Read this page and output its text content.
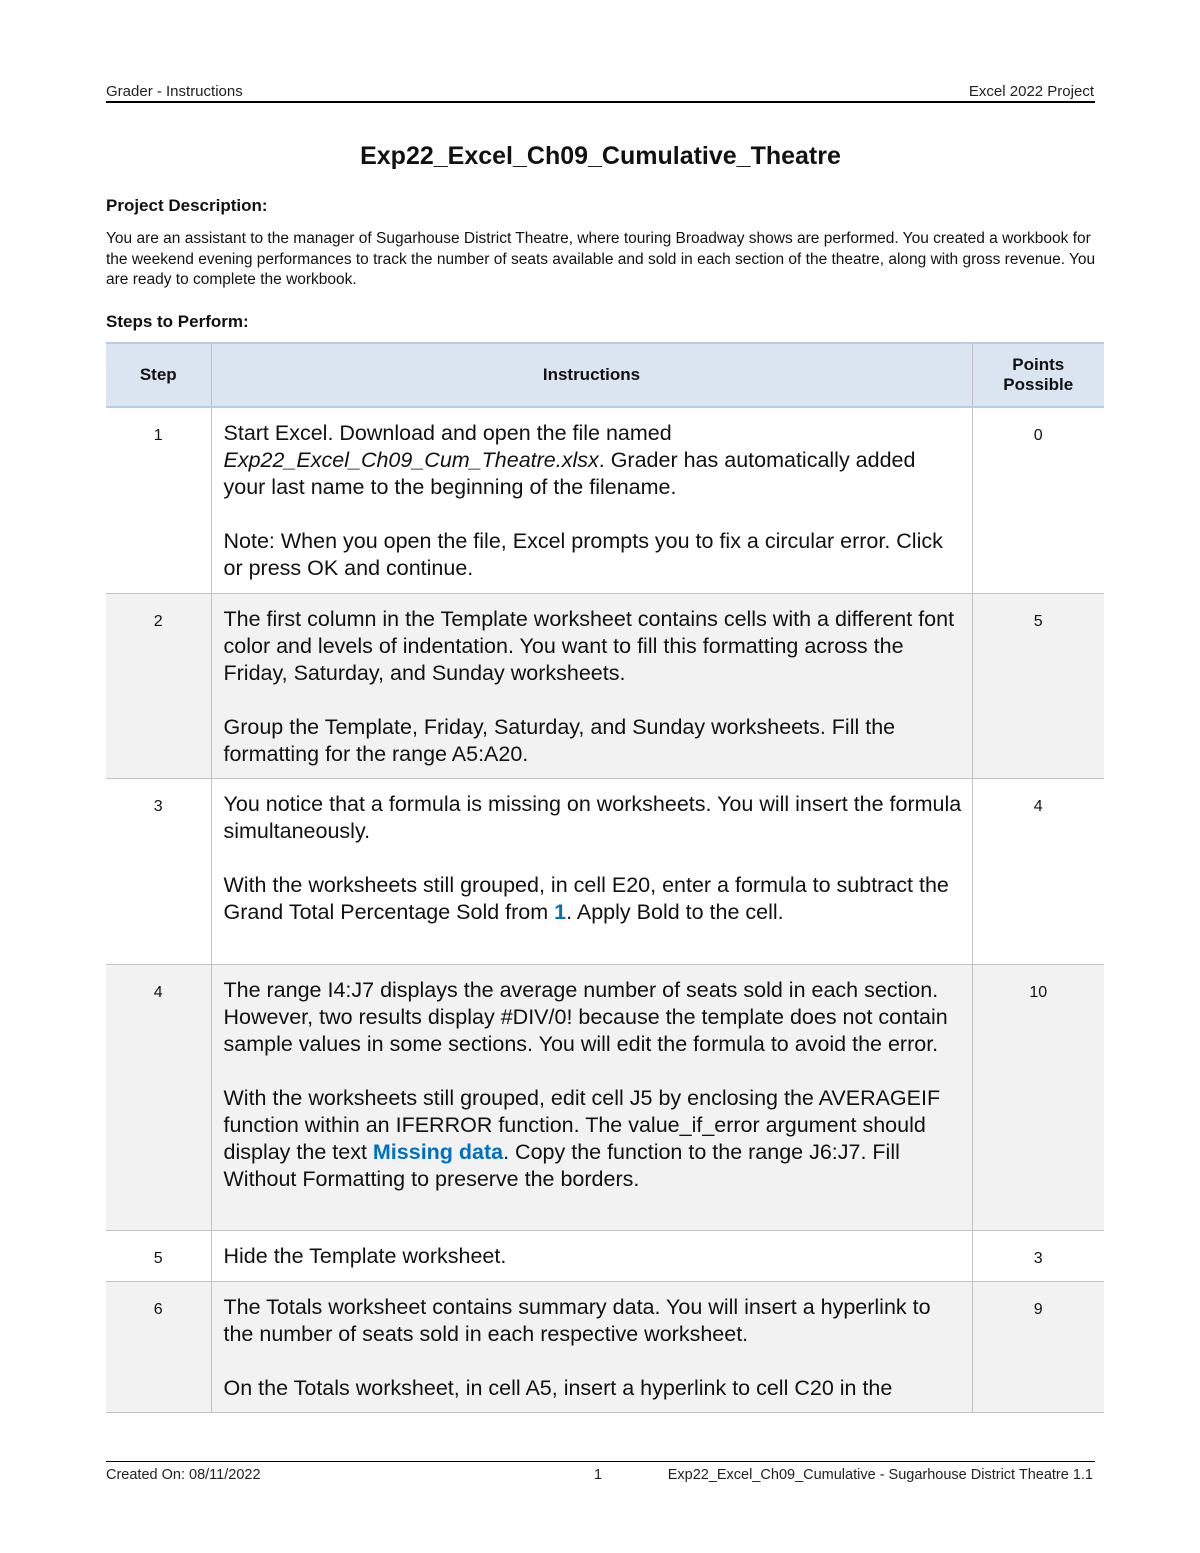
Grader - Instructions	Excel 2022 Project
Exp22_Excel_Ch09_Cumulative_Theatre
Project Description:
You are an assistant to the manager of Sugarhouse District Theatre, where touring Broadway shows are performed. You created a workbook for the weekend evening performances to track the number of seats available and sold in each section of the theatre, along with gross revenue. You are ready to complete the workbook.
Steps to Perform:
Step	Instructions	Points
Possible
1	Start Excel. Download and open the file named Exp22_Excel_Ch09_Cum_Theatre.xlsx. Grader has automatically added your last name to the beginning of the filename.

Note: When you open the file, Excel prompts you to fix a circular error. Click or press OK and continue.	0
2	The first column in the Template worksheet contains cells with a different font color and levels of indentation. You want to fill this formatting across the Friday, Saturday, and Sunday worksheets.

Group the Template, Friday, Saturday, and Sunday worksheets. Fill the formatting for the range A5:A20.	5
3	You notice that a formula is missing on worksheets. You will insert the formula simultaneously.

With the worksheets still grouped, in cell E20, enter a formula to subtract the Grand Total Percentage Sold from 1. Apply Bold to the cell.	4
4	The range I4:J7 displays the average number of seats sold in each section. However, two results display #DIV/0! because the template does not contain sample values in some sections. You will edit the formula to avoid the error.

With the worksheets still grouped, edit cell J5 by enclosing the AVERAGEIF function within an IFERROR function. The value_if_error argument should display the text Missing data. Copy the function to the range J6:J7. Fill Without Formatting to preserve the borders.	10
5	Hide the Template worksheet.	3
6	The Totals worksheet contains summary data. You will insert a hyperlink to the number of seats sold in each respective worksheet.

On the Totals worksheet, in cell A5, insert a hyperlink to cell C20 in the	9
Created On: 08/11/2022	1	Exp22_Excel_Ch09_Cumulative - Sugarhouse District Theatre 1.1
